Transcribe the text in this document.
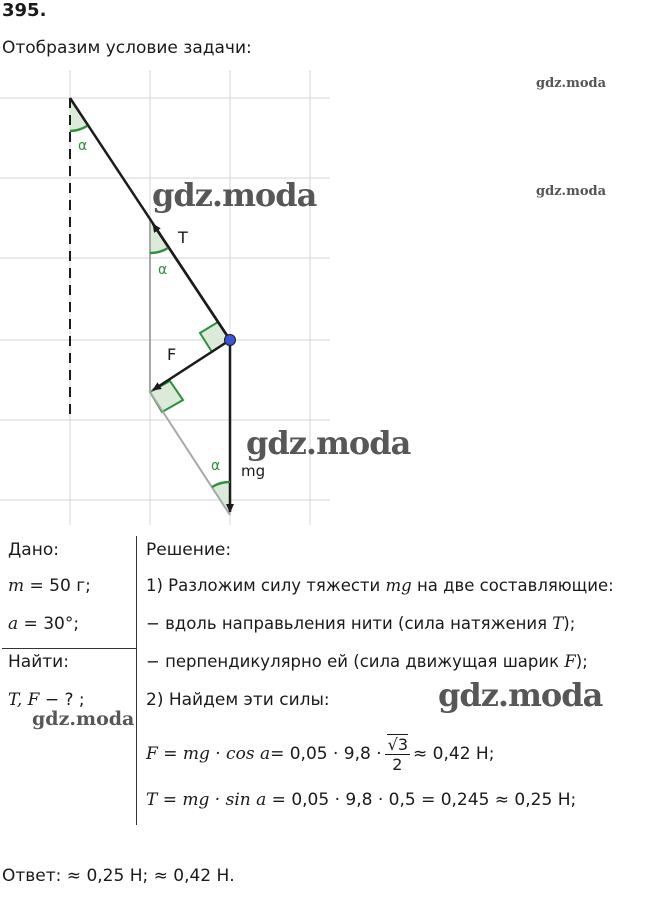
395.
Отобразим условие задачи:
α
α
α
T
F
mg
gdz.moda
gdz.moda
gdz.moda
gdz.moda
gdz.moda
gdz.moda
Дано:
m = 50 г;
a = 30°;
Найти:
T, F − ? ;
Решение:
1) Разложим силу тяжести mg на две составляющие:
− вдоль направьления нити (сила натяжения T);
− перпендикулярно ей (сила движущая шарик F);
2) Найдем эти силы:
F = mg · $\cos a = 0,05 \cdot 9,8 \cdot \frac{√3}{2} \approx 0,42$ Н;
T = mg · sin a = 0,05 · 9,8 · 0,5 = 0,245 ≈ 0,25 Н;
Ответ: ≈ 0,25 Н; ≈ 0,42 Н.
